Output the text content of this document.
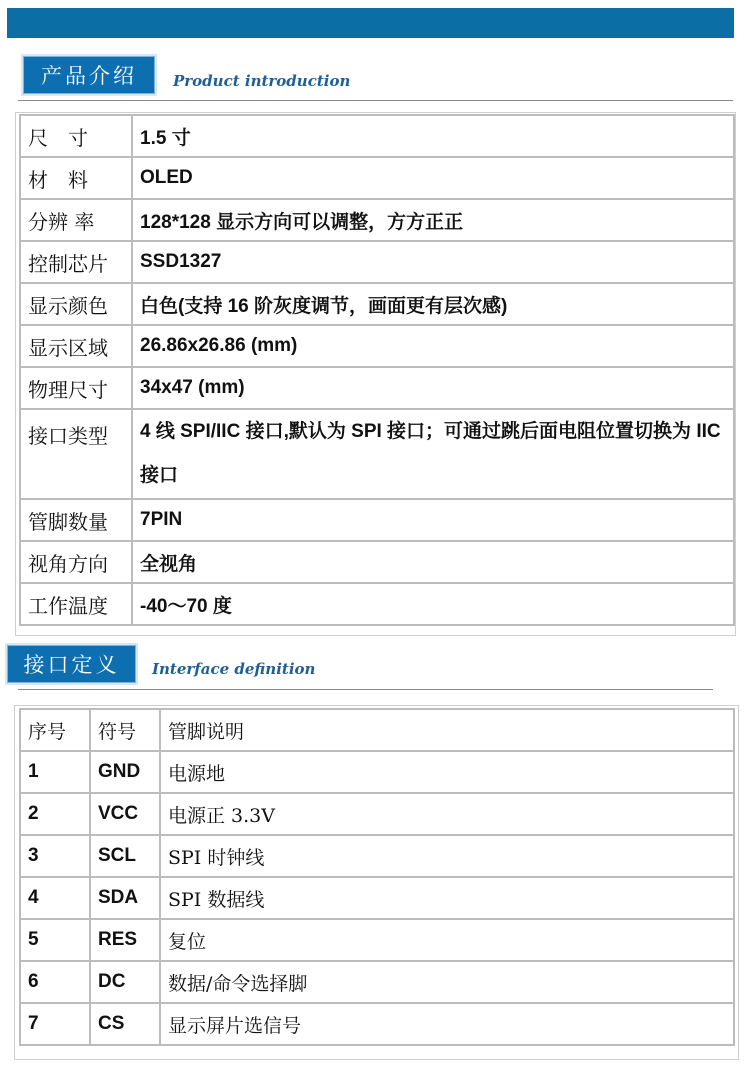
产品介绍	Product introduction
尺　寸	1.5 寸
材　料	OLED
分辨 率	128*128 显示方向可以调整，方方正正
控制芯片	SSD1327
显示颜色	白色(支持 16 阶灰度调节，画面更有层次感)
显示区域	26.86x26.86 (mm)
物理尺寸	34x47 (mm)
接口类型	4 线 SPI/IIC 接口,默认为 SPI 接口；可通过跳后面电阻位置切换为 IIC 接口
管脚数量	7PIN
视角方向	全视角
工作温度	-40～70 度
接口定义	Interface definition
序号	符号	管脚说明
1	GND	电源地
2	VCC	电源正 3.3V
3	SCL	SPI 时钟线
4	SDA	SPI 数据线
5	RES	复位
6	DC	数据/命令选择脚
7	CS	显示屏片选信号
